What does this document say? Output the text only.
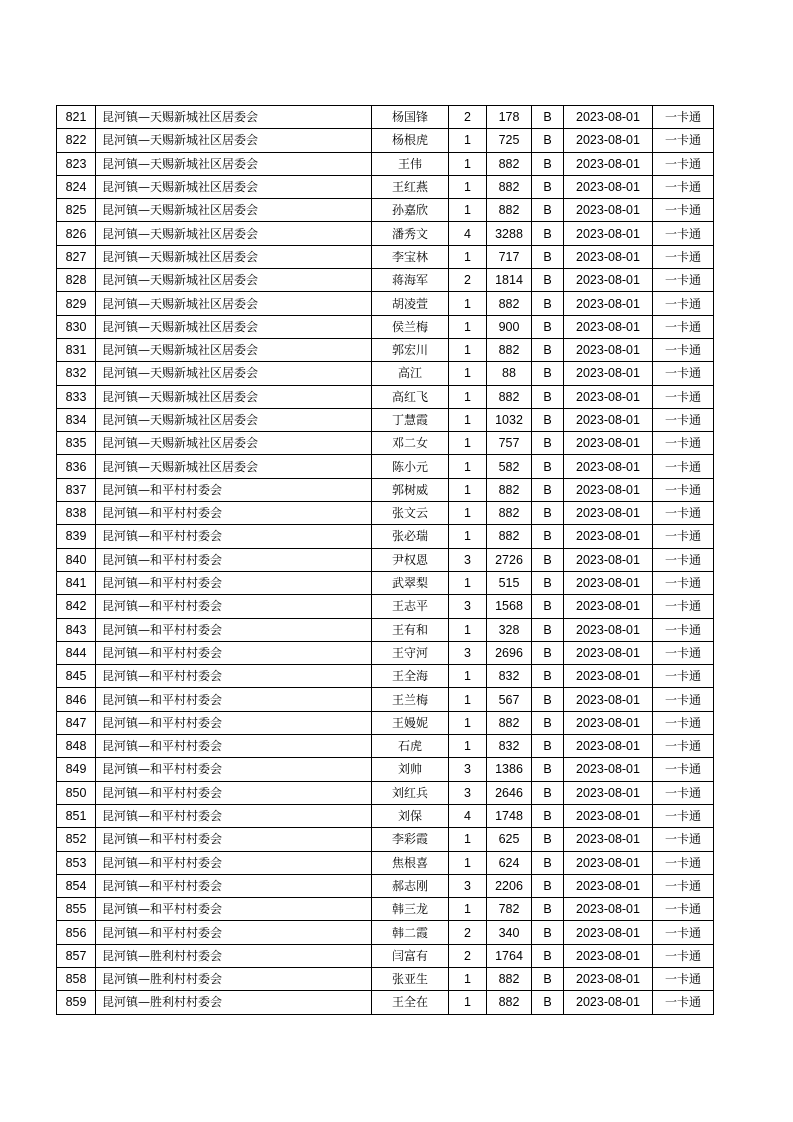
821	昆河镇—天赐新城社区居委会	杨国锋	2	178	B	2023-08-01	一卡通
822	昆河镇—天赐新城社区居委会	杨根虎	1	725	B	2023-08-01	一卡通
823	昆河镇—天赐新城社区居委会	王伟	1	882	B	2023-08-01	一卡通
824	昆河镇—天赐新城社区居委会	王红燕	1	882	B	2023-08-01	一卡通
825	昆河镇—天赐新城社区居委会	孙嘉欣	1	882	B	2023-08-01	一卡通
826	昆河镇—天赐新城社区居委会	潘秀文	4	3288	B	2023-08-01	一卡通
827	昆河镇—天赐新城社区居委会	李宝林	1	717	B	2023-08-01	一卡通
828	昆河镇—天赐新城社区居委会	蒋海军	2	1814	B	2023-08-01	一卡通
829	昆河镇—天赐新城社区居委会	胡凌萱	1	882	B	2023-08-01	一卡通
830	昆河镇—天赐新城社区居委会	侯兰梅	1	900	B	2023-08-01	一卡通
831	昆河镇—天赐新城社区居委会	郭宏川	1	882	B	2023-08-01	一卡通
832	昆河镇—天赐新城社区居委会	高江	1	88	B	2023-08-01	一卡通
833	昆河镇—天赐新城社区居委会	高红飞	1	882	B	2023-08-01	一卡通
834	昆河镇—天赐新城社区居委会	丁慧霞	1	1032	B	2023-08-01	一卡通
835	昆河镇—天赐新城社区居委会	邓二女	1	757	B	2023-08-01	一卡通
836	昆河镇—天赐新城社区居委会	陈小元	1	582	B	2023-08-01	一卡通
837	昆河镇—和平村村委会	郭树威	1	882	B	2023-08-01	一卡通
838	昆河镇—和平村村委会	张文云	1	882	B	2023-08-01	一卡通
839	昆河镇—和平村村委会	张必瑞	1	882	B	2023-08-01	一卡通
840	昆河镇—和平村村委会	尹权恩	3	2726	B	2023-08-01	一卡通
841	昆河镇—和平村村委会	武翠梨	1	515	B	2023-08-01	一卡通
842	昆河镇—和平村村委会	王志平	3	1568	B	2023-08-01	一卡通
843	昆河镇—和平村村委会	王有和	1	328	B	2023-08-01	一卡通
844	昆河镇—和平村村委会	王守河	3	2696	B	2023-08-01	一卡通
845	昆河镇—和平村村委会	王全海	1	832	B	2023-08-01	一卡通
846	昆河镇—和平村村委会	王兰梅	1	567	B	2023-08-01	一卡通
847	昆河镇—和平村村委会	王嫚妮	1	882	B	2023-08-01	一卡通
848	昆河镇—和平村村委会	石虎	1	832	B	2023-08-01	一卡通
849	昆河镇—和平村村委会	刘帅	3	1386	B	2023-08-01	一卡通
850	昆河镇—和平村村委会	刘红兵	3	2646	B	2023-08-01	一卡通
851	昆河镇—和平村村委会	刘保	4	1748	B	2023-08-01	一卡通
852	昆河镇—和平村村委会	李彩霞	1	625	B	2023-08-01	一卡通
853	昆河镇—和平村村委会	焦根喜	1	624	B	2023-08-01	一卡通
854	昆河镇—和平村村委会	郝志刚	3	2206	B	2023-08-01	一卡通
855	昆河镇—和平村村委会	韩三龙	1	782	B	2023-08-01	一卡通
856	昆河镇—和平村村委会	韩二霞	2	340	B	2023-08-01	一卡通
857	昆河镇—胜利村村委会	闫富有	2	1764	B	2023-08-01	一卡通
858	昆河镇—胜利村村委会	张亚生	1	882	B	2023-08-01	一卡通
859	昆河镇—胜利村村委会	王全在	1	882	B	2023-08-01	一卡通
